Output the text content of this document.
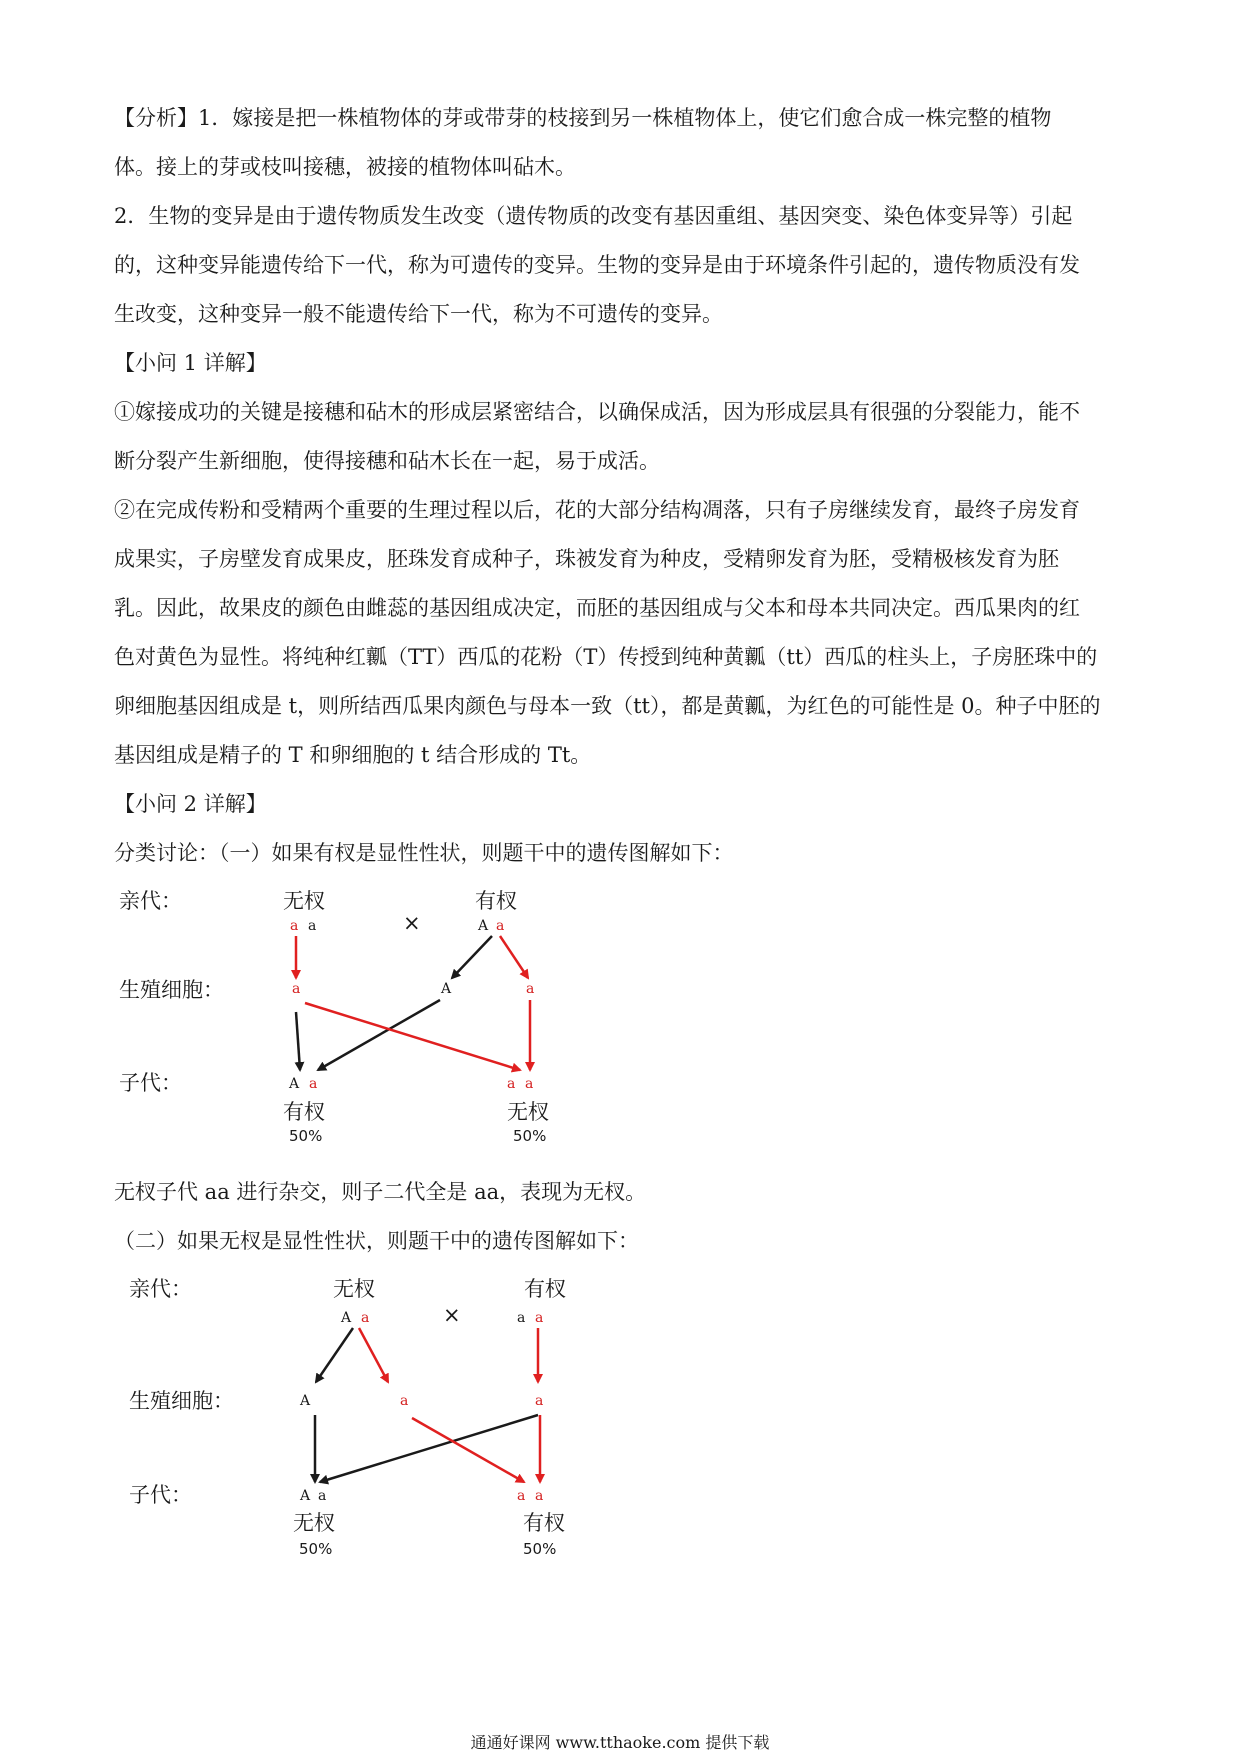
【分析】1．嫁接是把一株植物体的芽或带芽的枝接到另一株植物体上，使它们愈合成一株完整的植物

体。接上的芽或枝叫接穗，被接的植物体叫砧木。

2．生物的变异是由于遗传物质发生改变（遗传物质的改变有基因重组、基因突变、染色体变异等）引起

的，这种变异能遗传给下一代，称为可遗传的变异。生物的变异是由于环境条件引起的，遗传物质没有发

生改变，这种变异一般不能遗传给下一代，称为不可遗传的变异。

【小问 1 详解】

①嫁接成功的关键是接穗和砧木的形成层紧密结合，以确保成活，因为形成层具有很强的分裂能力，能不

断分裂产生新细胞，使得接穗和砧木长在一起，易于成活。

②在完成传粉和受精两个重要的生理过程以后，花的大部分结构凋落，只有子房继续发育，最终子房发育

成果实，子房壁发育成果皮，胚珠发育成种子，珠被发育为种皮，受精卵发育为胚，受精极核发育为胚

乳。因此，故果皮的颜色由雌蕊的基因组成决定，而胚的基因组成与父本和母本共同决定。西瓜果肉的红

色对黄色为显性。将纯种红瓤（TT）西瓜的花粉（T）传授到纯种黄瓤（tt）西瓜的柱头上，子房胚珠中的

卵细胞基因组成是 t，则所结西瓜果肉颜色与母本一致（tt），都是黄瓤，为红色的可能性是 0。种子中胚的

基因组成是精子的 T 和卵细胞的 t 结合形成的 Tt。

【小问 2 详解】

分类讨论：（一）如果有杈是显性性状，则题干中的遗传图解如下：

亲代：
生殖细胞：
子代：
无杈	有杈
×
a a	A a
a	A	a
A a	a a
有杈	无杈
50%	50%

无杈子代 aa 进行杂交，则子二代全是 aa，表现为无杈。

（二）如果无杈是显性性状，则题干中的遗传图解如下：

亲代：
生殖细胞：
子代：
无杈	有杈
×
A a	a a
A	a	a
A a	a a
无杈	有杈
50%	50%
通通好课网 www.tthaoke.com 提供下载
